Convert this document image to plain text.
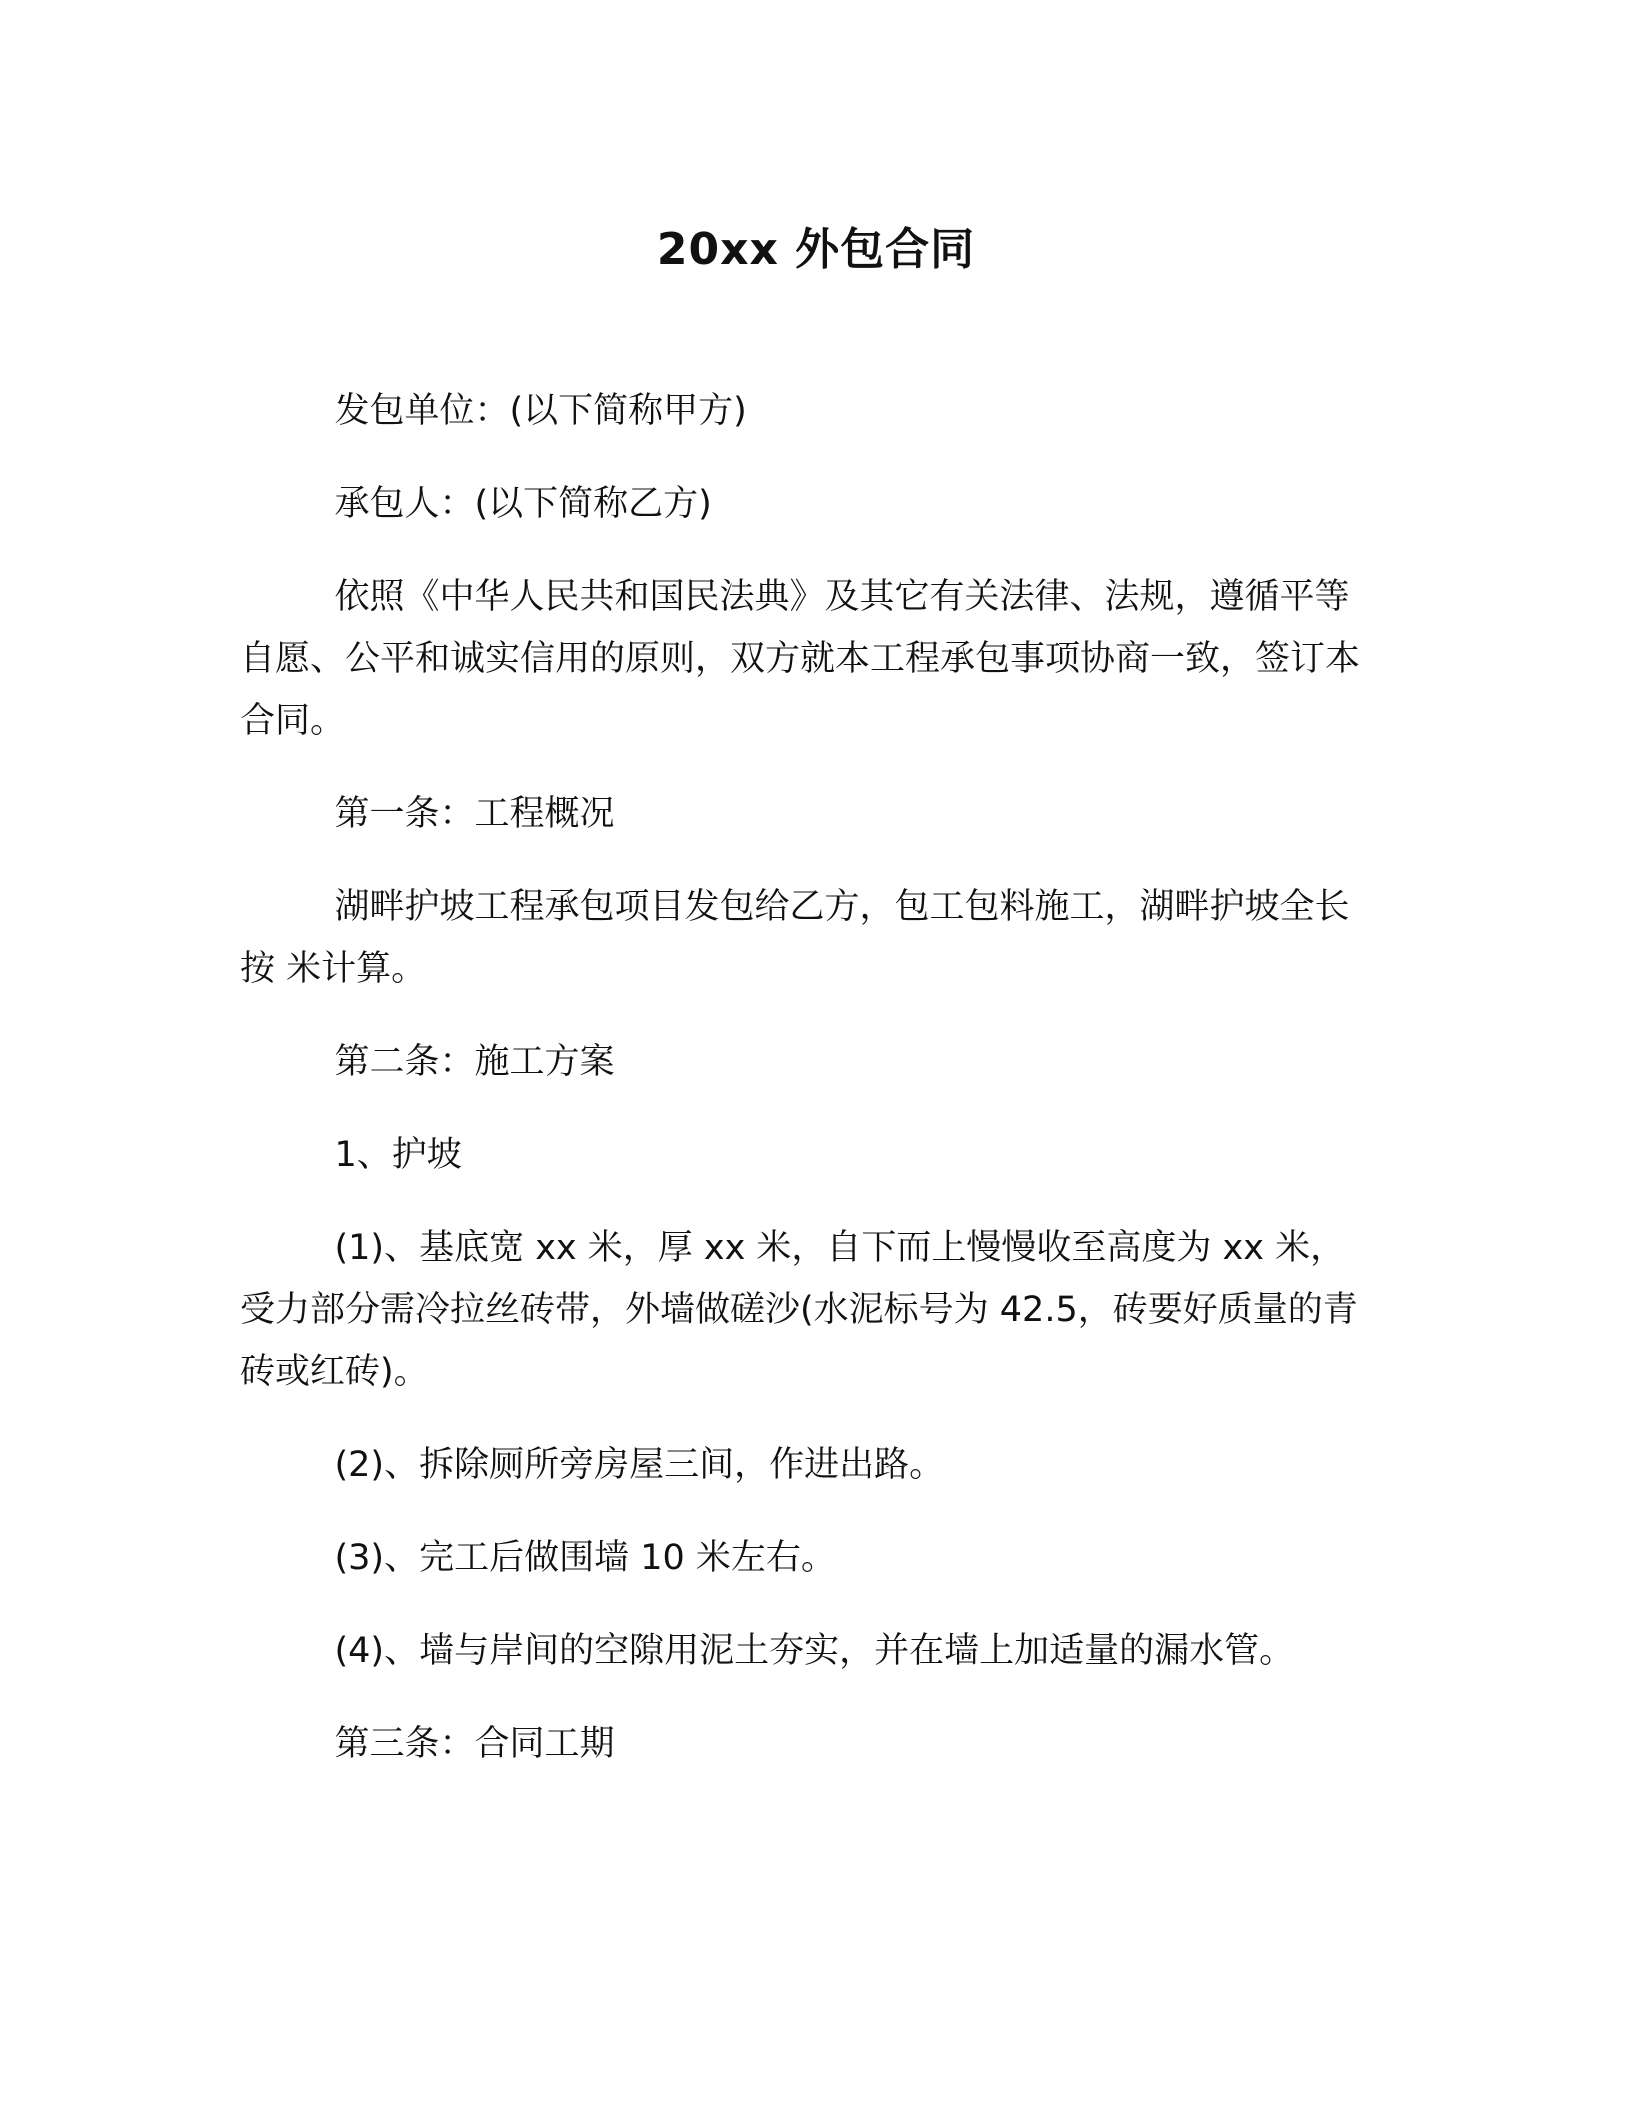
20xx 外包合同

发包单位：(以下简称甲方)

承包人：(以下简称乙方)

依照《中华人民共和国民法典》及其它有关法律、法规，遵循平等自愿、公平和诚实信用的原则，双方就本工程承包事项协商一致，签订本合同。

第一条：工程概况

湖畔护坡工程承包项目发包给乙方，包工包料施工，湖畔护坡全长按 米计算。

第二条：施工方案

1、护坡

(1)、基底宽 xx 米，厚 xx 米，自下而上慢慢收至高度为 xx 米，受力部分需冷拉丝砖带，外墙做磋沙(水泥标号为 42.5，砖要好质量的青砖或红砖)。

(2)、拆除厕所旁房屋三间，作进出路。

(3)、完工后做围墙 10 米左右。

(4)、墙与岸间的空隙用泥土夯实，并在墙上加适量的漏水管。

第三条：合同工期
